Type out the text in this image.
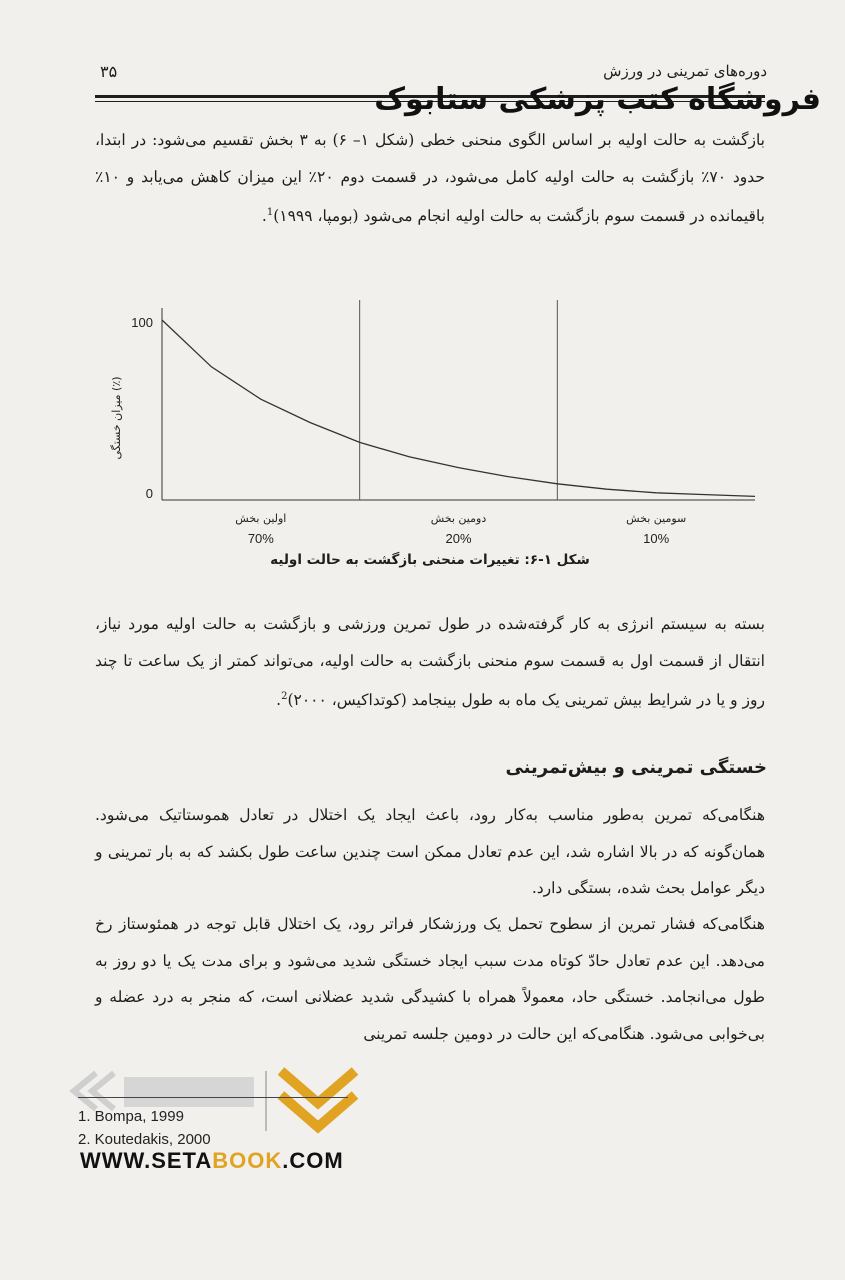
دوره‌های تمرینی در ورزش
۳۵
فروشگاه کتب پزشکی ستابوک

بازگشت به حالت اولیه بر اساس الگوی منحنی خطی (شکل ۱– ۶) به ۳ بخش تقسیم می‌شود: در ابتدا، حدود ۷۰٪ بازگشت به حالت اولیه کامل می‌شود، در قسمت دوم ۲۰٪ این میزان کاهش می‌یابد و ۱۰٪ باقیمانده در قسمت سوم بازگشت به حالت اولیه انجام می‌شود (بومپا، ۱۹۹۹)$^1$.

100
0
میزان خستگی (٪)
اولین بخش
70%
دومین بخش
20%
سومین بخش
10%
شکل ۱-۶: تغییرات منحنی بازگشت به حالت اولیه

بسته به سیستم انرژی به کار گرفته‌شده در طول تمرین ورزشی و بازگشت به حالت اولیه مورد نیاز، انتقال از قسمت اول به قسمت سوم منحنی بازگشت به حالت اولیه، می‌تواند کمتر از یک ساعت تا چند روز و یا در شرایط بیش تمرینی یک ماه به طول بینجامد (کوتداکیس، ۲۰۰۰)$^2$.

خستگی تمرینی و بیش‌تمرینی

هنگامی‌که تمرین به‌طور مناسب به‌کار رود، باعث ایجاد یک اختلال در تعادل هموستاتیک می‌شود. همان‌گونه که در بالا اشاره شد، این عدم تعادل ممکن است چندین ساعت طول بکشد که به بار تمرینی و دیگر عوامل بحث شده، بستگی دارد.

هنگامی‌که فشار تمرین از سطوح تحمل یک ورزشکار فراتر رود، یک اختلال قابل توجه در همئوستاز رخ می‌دهد. این عدم تعادل حادّ کوتاه مدت سبب ایجاد خستگی شدید می‌شود و برای مدت یک یا دو روز به طول می‌انجامد. خستگی حاد، معمولاً همراه با کشیدگی شدید عضلانی است، که منجر به درد عضله و بی‌خوابی می‌شود. هنگامی‌که این حالت در دومین جلسه تمرینی

1. Bompa, 1999
2. Koutedakis, 2000
WWW.SETABOOK.COM
